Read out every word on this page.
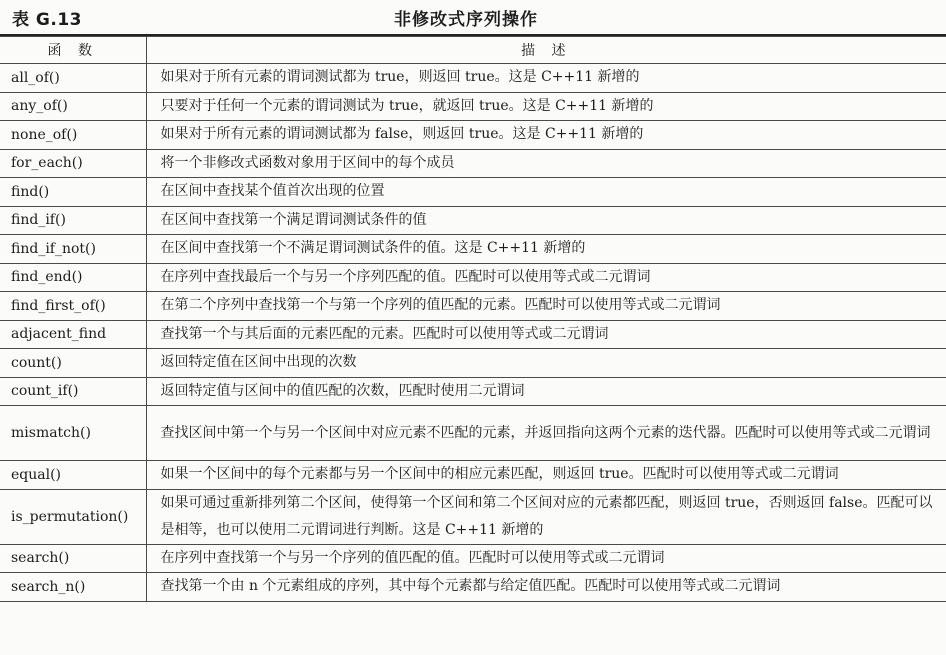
表 G.13	非修改式序列操作
函 数	描 述
all_of()	如果对于所有元素的谓词测试都为 true，则返回 true。这是 C++11 新增的
any_of()	只要对于任何一个元素的谓词测试为 true，就返回 true。这是 C++11 新增的
none_of()	如果对于所有元素的谓词测试都为 false，则返回 true。这是 C++11 新增的
for_each()	将一个非修改式函数对象用于区间中的每个成员
find()	在区间中查找某个值首次出现的位置
find_if()	在区间中查找第一个满足谓词测试条件的值
find_if_not()	在区间中查找第一个不满足谓词测试条件的值。这是 C++11 新增的
find_end()	在序列中查找最后一个与另一个序列匹配的值。匹配时可以使用等式或二元谓词
find_first_of()	在第二个序列中查找第一个与第一个序列的值匹配的元素。匹配时可以使用等式或二元谓词
adjacent_find	查找第一个与其后面的元素匹配的元素。匹配时可以使用等式或二元谓词
count()	返回特定值在区间中出现的次数
count_if()	返回特定值与区间中的值匹配的次数，匹配时使用二元谓词
mismatch()	查找区间中第一个与另一个区间中对应元素不匹配的元素，并返回指向这两个元素的迭代器。匹配时可以使用等式或二元谓词
equal()	如果一个区间中的每个元素都与另一个区间中的相应元素匹配，则返回 true。匹配时可以使用等式或二元谓词
is_permutation()	如果可通过重新排列第二个区间，使得第一个区间和第二个区间对应的元素都匹配，则返回 true，否则返回 false。匹配可以是相等，也可以使用二元谓词进行判断。这是 C++11 新增的
search()	在序列中查找第一个与另一个序列的值匹配的值。匹配时可以使用等式或二元谓词
search_n()	查找第一个由 n 个元素组成的序列，其中每个元素都与给定值匹配。匹配时可以使用等式或二元谓词
